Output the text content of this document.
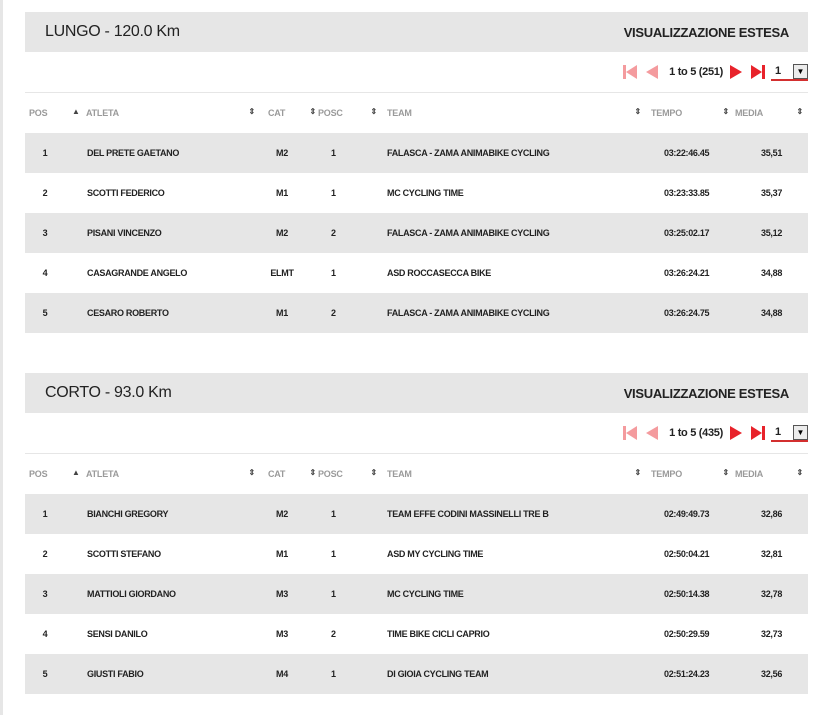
LUNGO - 120.0 Km	VISUALIZZAZIONE ESTESA
1 to 5 (251)	1	▼
POS ▲	ATLETA ⇕	CAT ⇕	POSC ⇕	TEAM ⇕	TEMPO ⇕	MEDIA ⇕

1	DEL PRETE GAETANO	M2	1	FALASCA - ZAMA ANIMABIKE CYCLING	03:22:46.45	35,51
2	SCOTTI FEDERICO	M1	1	MC CYCLING TIME	03:23:33.85	35,37
3	PISANI VINCENZO	M2	2	FALASCA - ZAMA ANIMABIKE CYCLING	03:25:02.17	35,12
4	CASAGRANDE ANGELO	ELMT	1	ASD ROCCASECCA BIKE	03:26:24.21	34,88
5	CESARO ROBERTO	M1	2	FALASCA - ZAMA ANIMABIKE CYCLING	03:26:24.75	34,88
CORTO - 93.0 Km	VISUALIZZAZIONE ESTESA
1 to 5 (435)	1	▼
POS ▲	ATLETA ⇕	CAT ⇕	POSC ⇕	TEAM ⇕	TEMPO ⇕	MEDIA ⇕

1	BIANCHI GREGORY	M2	1	TEAM EFFE CODINI MASSINELLI TRE B	02:49:49.73	32,86
2	SCOTTI STEFANO	M1	1	ASD MY CYCLING TIME	02:50:04.21	32,81
3	MATTIOLI GIORDANO	M3	1	MC CYCLING TIME	02:50:14.38	32,78
4	SENSI DANILO	M3	2	TIME BIKE CICLI CAPRIO	02:50:29.59	32,73
5	GIUSTI FABIO	M4	1	DI GIOIA CYCLING TEAM	02:51:24.23	32,56
